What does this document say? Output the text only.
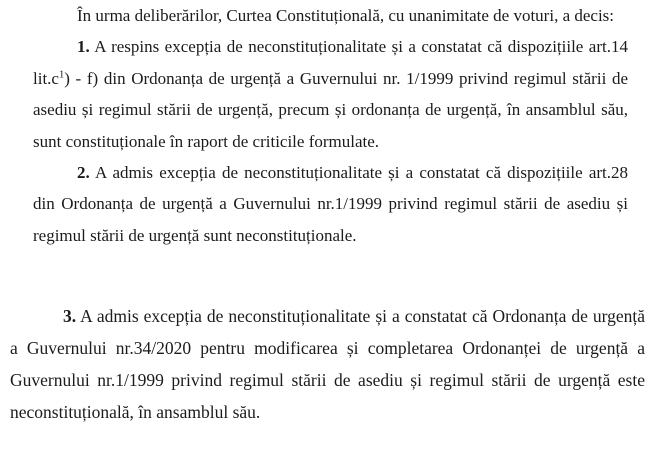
În urma deliberărilor, Curtea Constituțională, cu unanimitate de voturi, a decis:

1. A respins excepția de neconstituționalitate și a constatat că dispozițiile art.14 $lit.c^1) - f$) din Ordonanța de urgență a Guvernului nr. 1/1999 privind regimul stării de asediu și regimul stării de urgență, precum și ordonanța de urgență, în ansamblul său, sunt constituționale în raport de criticile formulate.

2. A admis excepția de neconstituționalitate și a constatat că dispozițiile art.28 din Ordonanța de urgență a Guvernului nr.1/1999 privind regimul stării de asediu și regimul stării de urgență sunt neconstituționale.

3. A admis excepția de neconstituționalitate și a constatat că Ordonanța de urgență a Guvernului nr.34/2020 pentru modificarea și completarea Ordonanței de urgență a Guvernului nr.1/1999 privind regimul stării de asediu și regimul stării de urgență este neconstituțională, în ansamblul său.
